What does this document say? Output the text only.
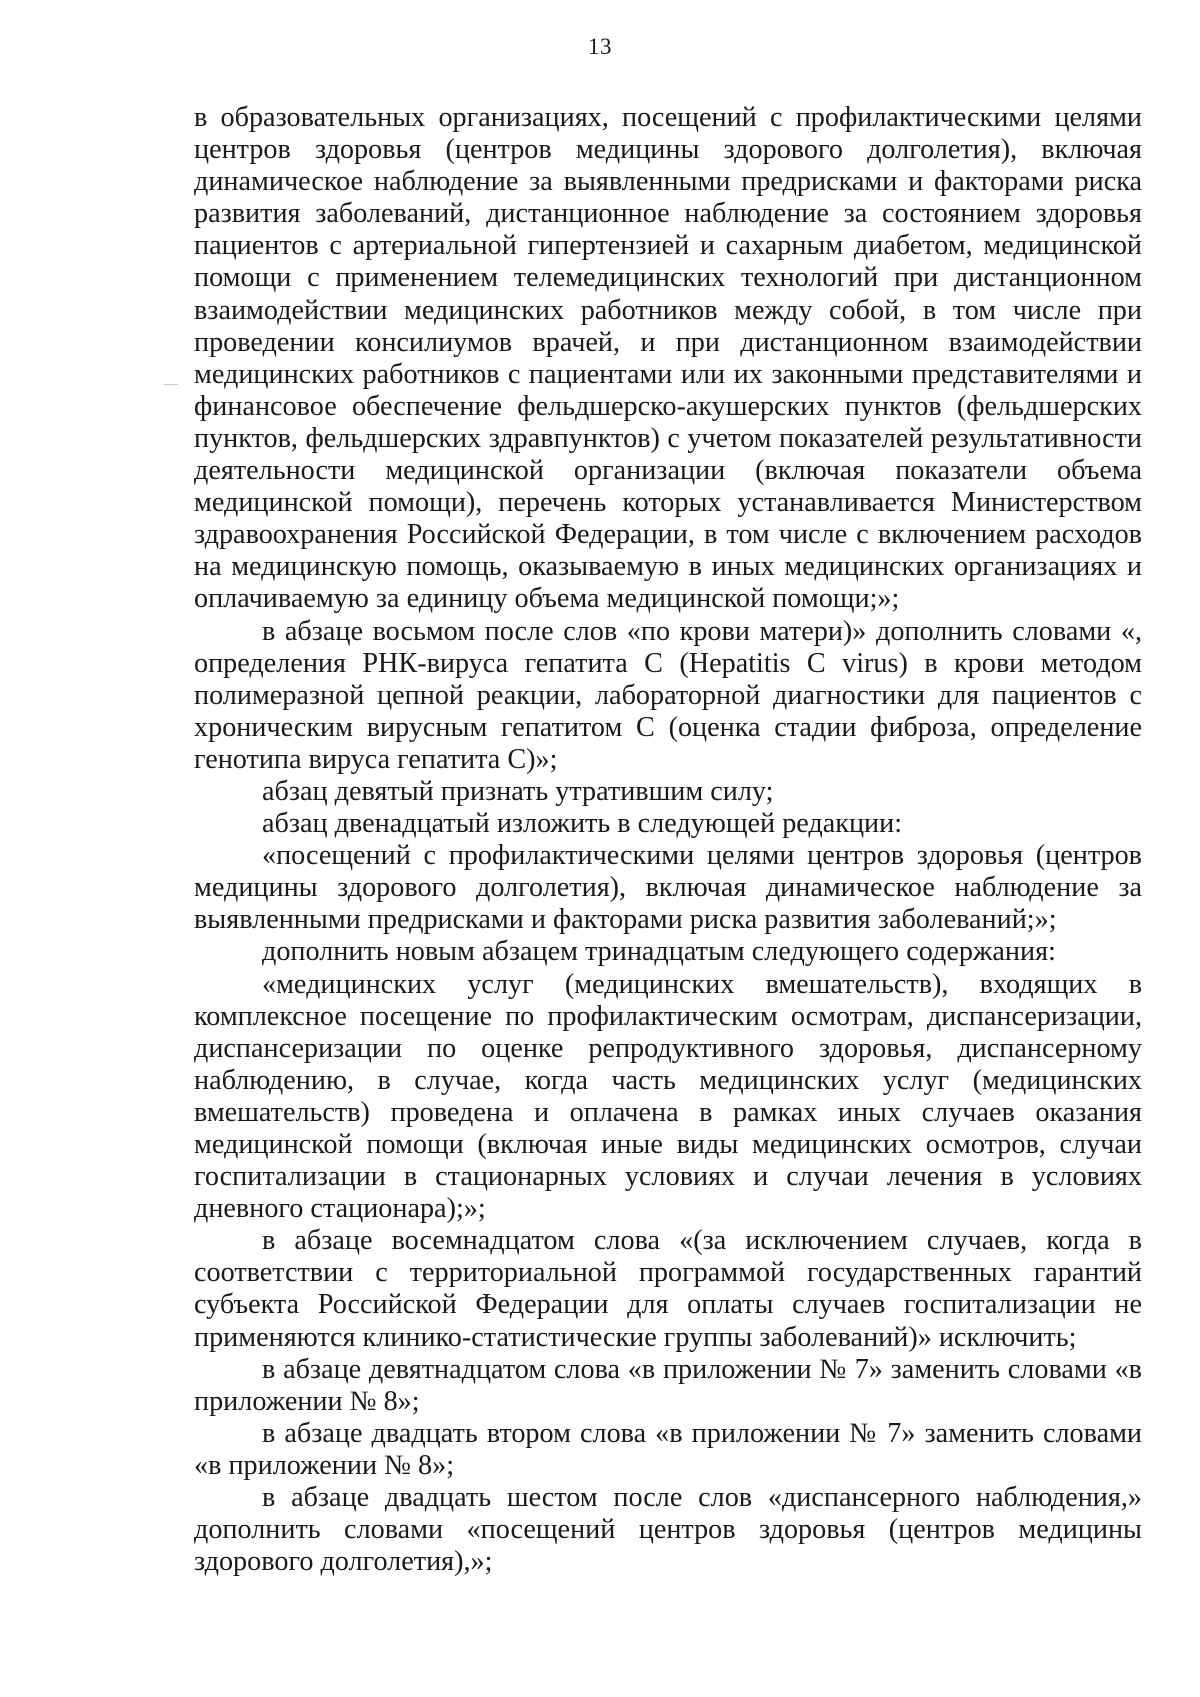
13

в образовательных организациях, посещений с профилактическими целями центров здоровья (центров медицины здорового долголетия), включая динамическое наблюдение за выявленными предрисками и факторами риска развития заболеваний, дистанционное наблюдение за состоянием здоровья пациентов с артериальной гипертензией и сахарным диабетом, медицинской помощи с применением телемедицинских технологий при дистанционном взаимодействии медицинских работников между собой, в том числе при проведении консилиумов врачей, и при дистанционном взаимодействии медицинских работников с пациентами или их законными представителями и финансовое обеспечение фельдшерско-акушерских пунктов (фельдшерских пунктов, фельдшерских здравпунктов) с учетом показателей результативности деятельности медицинской организации (включая показатели объема медицинской помощи), перечень которых устанавливается Министерством здравоохранения Российской Федерации, в том числе с включением расходов на медицинскую помощь, оказываемую в иных медицинских организациях и оплачиваемую за единицу объема медицинской помощи;»;

в абзаце восьмом после слов «по крови матери)» дополнить словами «, определения РНК-вируса гепатита C (Hepatitis C virus) в крови методом полимеразной цепной реакции, лабораторной диагностики для пациентов с хроническим вирусным гепатитом C (оценка стадии фиброза, определение генотипа вируса гепатита C)»;

абзац девятый признать утратившим силу;

абзац двенадцатый изложить в следующей редакции:

«посещений с профилактическими целями центров здоровья (центров медицины здорового долголетия), включая динамическое наблюдение за выявленными предрисками и факторами риска развития заболеваний;»;

дополнить новым абзацем тринадцатым следующего содержания:

«медицинских услуг (медицинских вмешательств), входящих в комплексное посещение по профилактическим осмотрам, диспансеризации, диспансеризации по оценке репродуктивного здоровья, диспансерному наблюдению, в случае, когда часть медицинских услуг (медицинских вмешательств) проведена и оплачена в рамках иных случаев оказания медицинской помощи (включая иные виды медицинских осмотров, случаи госпитализации в стационарных условиях и случаи лечения в условиях дневного стационара);»;

в абзаце восемнадцатом слова «(за исключением случаев, когда в соответствии с территориальной программой государственных гарантий субъекта Российской Федерации для оплаты случаев госпитализации не применяются клинико-статистические группы заболеваний)» исключить;

в абзаце девятнадцатом слова «в приложении № 7» заменить словами «в приложении № 8»;

в абзаце двадцать втором слова «в приложении № 7» заменить словами «в приложении № 8»;

в абзаце двадцать шестом после слов «диспансерного наблюдения,» дополнить словами «посещений центров здоровья (центров медицины здорового долголетия),»;
